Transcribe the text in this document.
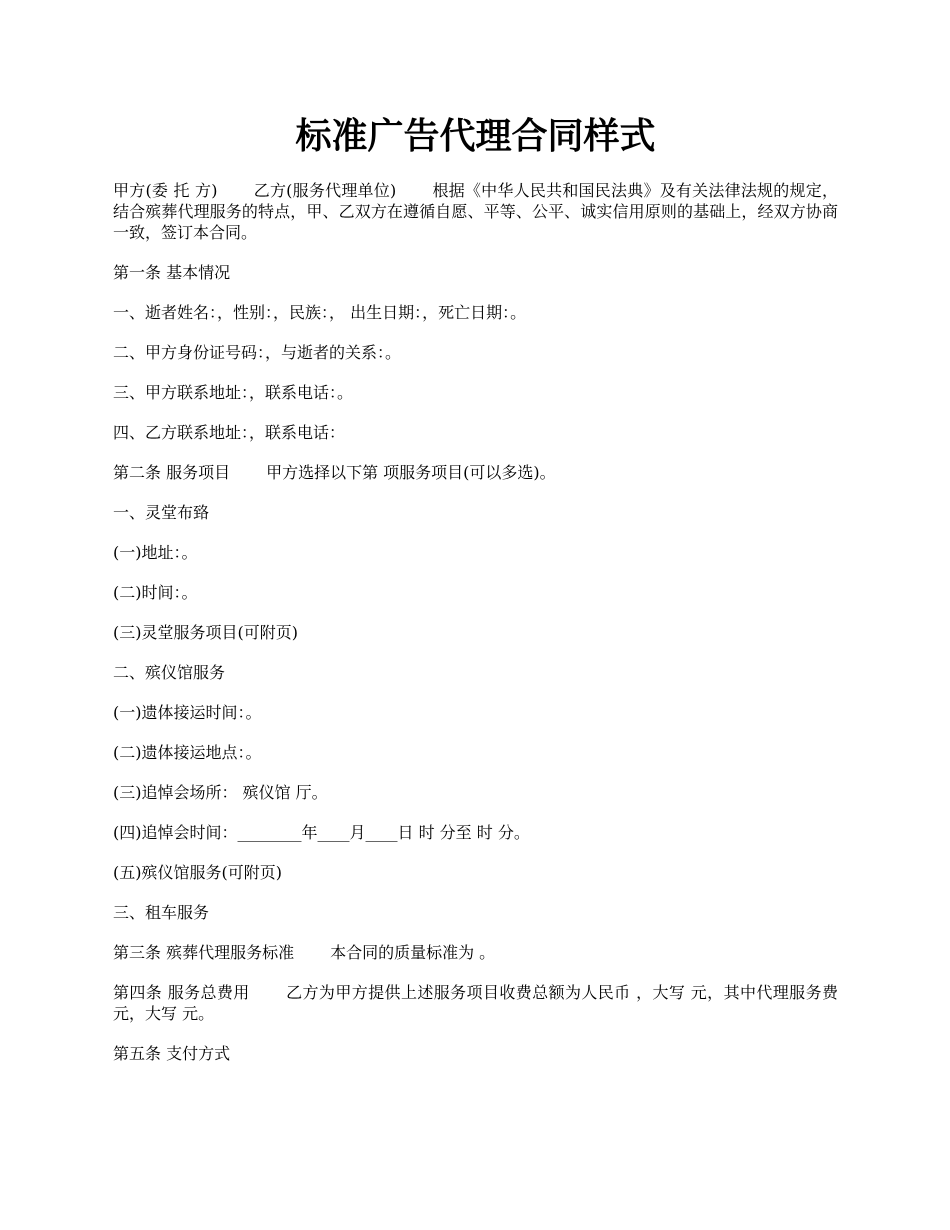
标准广告代理合同样式

甲方(委 托 方) 乙方(服务代理单位) 根据《中华人民共和国民法典》及有关法律法规的规定，结合殡葬代理服务的特点，甲、乙双方在遵循自愿、平等、公平、诚实信用原则的基础上，经双方协商一致，签订本合同。

第一条 基本情况

一、逝者姓名：，性别：，民族：， 出生日期：，死亡日期：。

二、甲方身份证号码：，与逝者的关系：。

三、甲方联系地址：，联系电话：。

四、乙方联系地址：，联系电话：

第二条 服务项目 甲方选择以下第 项服务项目(可以多选)。

一、灵堂布臵

(一)地址：。

(二)时间：。

(三)灵堂服务项目(可附页)

二、殡仪馆服务

(一)遗体接运时间：。

(二)遗体接运地点：。

(三)追悼会场所： 殡仪馆 厅。

(四)追悼会时间：________年____月____日 时 分至 时 分。

(五)殡仪馆服务(可附页)

三、租车服务

第三条 殡葬代理服务标准 本合同的质量标准为 。

第四条 服务总费用 乙方为甲方提供上述服务项目收费总额为人民币 ，大写 元，其中代理服务费 元，大写 元。

第五条 支付方式
